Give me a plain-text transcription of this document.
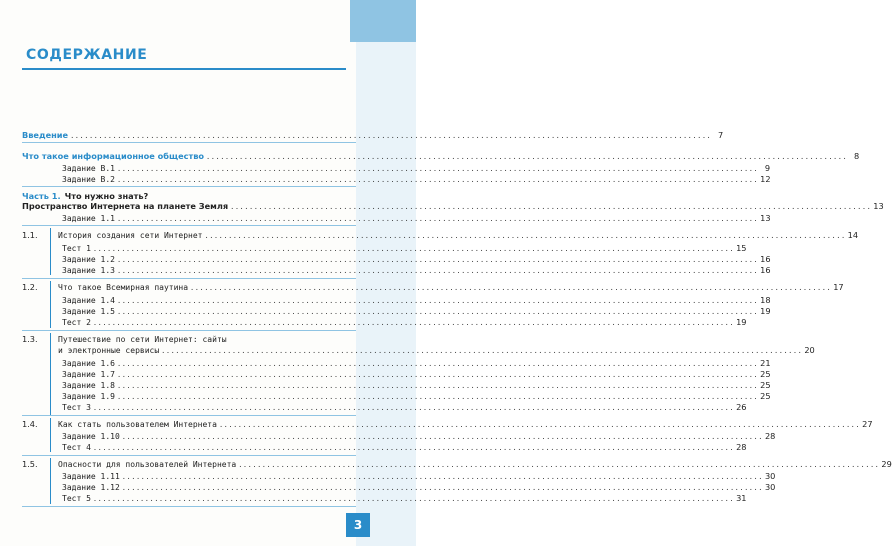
СОДЕРЖАНИЕ
Введение ........................................................................................................................................ 7
Что такое информационное общество ........................................................................................................................................ 8
Задание В.1 ........................................................................................................................................ 9
Задание В.2 ........................................................................................................................................ 12
Часть 1. Что нужно знать?
Пространство Интернета на планете Земля ........................................................................................................................................ 13
Задание 1.1 ........................................................................................................................................ 13
1.1.	История создания сети Интернет ........................................................................................................................................ 14
Тест 1 ........................................................................................................................................ 15
Задание 1.2 ........................................................................................................................................ 16
Задание 1.3 ........................................................................................................................................ 16
1.2.	Что такое Всемирная паутина ........................................................................................................................................ 17
Задание 1.4 ........................................................................................................................................ 18
Задание 1.5 ........................................................................................................................................ 19
Тест 2 ........................................................................................................................................ 19
1.3.	Путешествие по сети Интернет: сайты
и электронные сервисы ........................................................................................................................................ 20
Задание 1.6 ........................................................................................................................................ 21
Задание 1.7 ........................................................................................................................................ 25
Задание 1.8 ........................................................................................................................................ 25
Задание 1.9 ........................................................................................................................................ 25
Тест 3 ........................................................................................................................................ 26
1.4.	Как стать пользователем Интернета ........................................................................................................................................ 27
Задание 1.10 ........................................................................................................................................ 28
Тест 4 ........................................................................................................................................ 28
1.5.	Опасности для пользователей Интернета ........................................................................................................................................ 29
Задание 1.11 ........................................................................................................................................ 30
Задание 1.12 ........................................................................................................................................ 30
Тест 5 ........................................................................................................................................ 31
3
